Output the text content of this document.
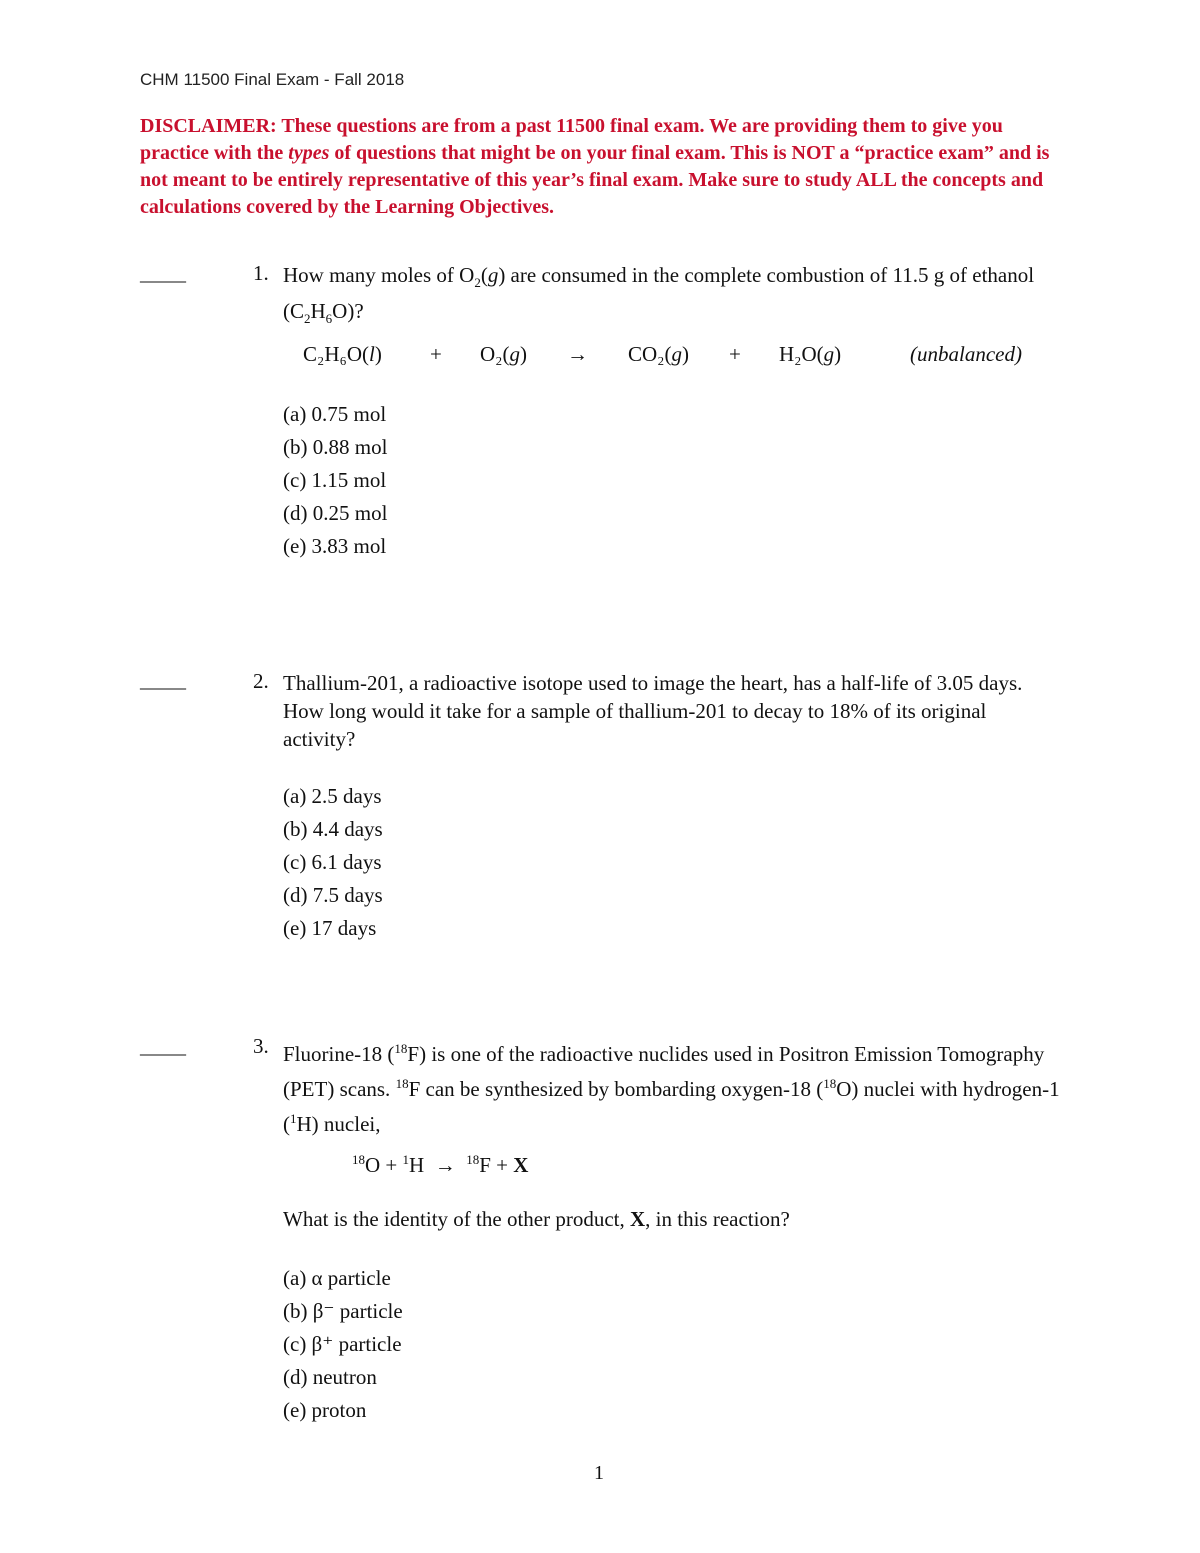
CHM 11500 Final Exam - Fall 2018
DISCLAIMER: These questions are from a past 11500 final exam. We are providing them to give you practice with the types of questions that might be on your final exam. This is NOT a “practice exam” and is not meant to be entirely representative of this year’s final exam. Make sure to study ALL the concepts and calculations covered by the Learning Objectives.
_____	1. How many moles of $O_2(g)$ are consumed in the complete combustion of 11.5 g of ethanol $(C_2H_6O)$?
C₂H₆O(l) + O₂(g) → CO₂(g) + H₂O(g)	(unbalanced)
(a) 0.75 mol
(b) 0.88 mol
(c) 1.15 mol
(d) 0.25 mol
(e) 3.83 mol
_____	2. Thallium-201, a radioactive isotope used to image the heart, has a half-life of 3.05 days. How long would it take for a sample of thallium-201 to decay to 18% of its original activity?
(a) 2.5 days
(b) 4.4 days
(c) 6.1 days
(d) 7.5 days
(e) 17 days
_____	3. Fluorine-18 ($^{18}$F) is one of the radioactive nuclides used in Positron Emission Tomography (PET) scans. $^{18}$F can be synthesized by bombarding oxygen-18 ($^{18}$O) nuclei with hydrogen-1 ($^1$H) nuclei,
$^{18}$O + $^1$H → $^{18}$F + X
What is the identity of the other product, X, in this reaction?
(a) α particle
(b) β⁻ particle
(c) β⁺ particle
(d) neutron
(e) proton
1
